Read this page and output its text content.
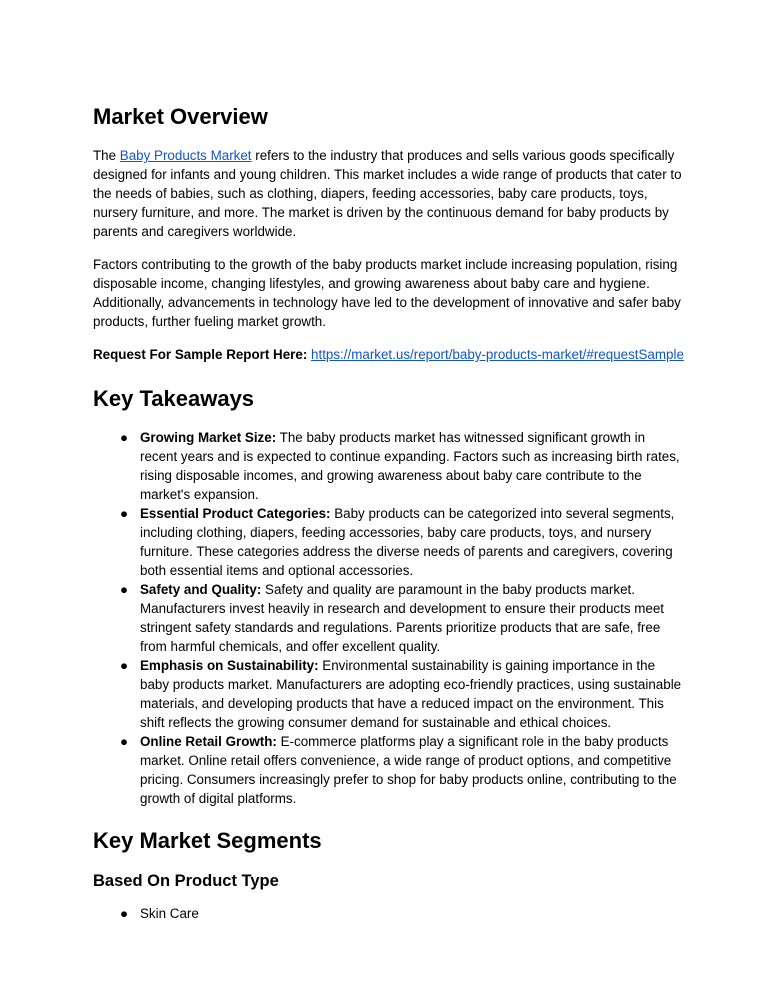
Market Overview

The Baby Products Market refers to the industry that produces and sells various goods specifically designed for infants and young children. This market includes a wide range of products that cater to the needs of babies, such as clothing, diapers, feeding accessories, baby care products, toys, nursery furniture, and more. The market is driven by the continuous demand for baby products by parents and caregivers worldwide.

Factors contributing to the growth of the baby products market include increasing population, rising disposable income, changing lifestyles, and growing awareness about baby care and hygiene. Additionally, advancements in technology have led to the development of innovative and safer baby products, further fueling market growth.

Request For Sample Report Here: https://market.us/report/baby-products-market/#requestSample

Key Takeaways
● Growing Market Size: The baby products market has witnessed significant growth in recent years and is expected to continue expanding. Factors such as increasing birth rates, rising disposable incomes, and growing awareness about baby care contribute to the market's expansion.
● Essential Product Categories: Baby products can be categorized into several segments, including clothing, diapers, feeding accessories, baby care products, toys, and nursery furniture. These categories address the diverse needs of parents and caregivers, covering both essential items and optional accessories.
● Safety and Quality: Safety and quality are paramount in the baby products market. Manufacturers invest heavily in research and development to ensure their products meet stringent safety standards and regulations. Parents prioritize products that are safe, free from harmful chemicals, and offer excellent quality.
● Emphasis on Sustainability: Environmental sustainability is gaining importance in the baby products market. Manufacturers are adopting eco-friendly practices, using sustainable materials, and developing products that have a reduced impact on the environment. This shift reflects the growing consumer demand for sustainable and ethical choices.
● Online Retail Growth: E-commerce platforms play a significant role in the baby products market. Online retail offers convenience, a wide range of product options, and competitive pricing. Consumers increasingly prefer to shop for baby products online, contributing to the growth of digital platforms.
Key Market Segments
Based On Product Type
● Skin Care
